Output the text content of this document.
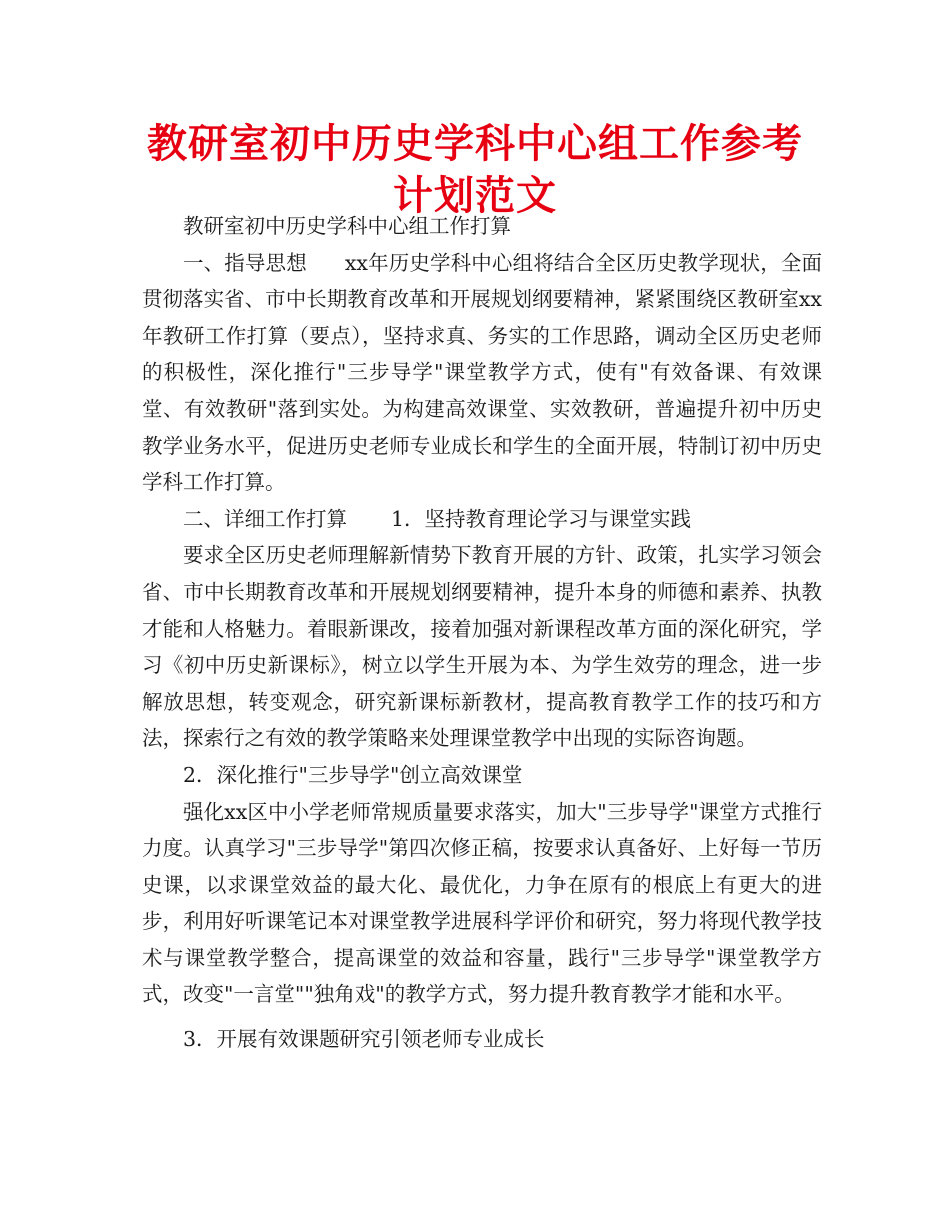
教研室初中历史学科中心组工作参考计划范文

教研室初中历史学科中心组工作打算

一、指导思想 xx年历史学科中心组将结合全区历史教学现状，全面贯彻落实省、市中长期教育改革和开展规划纲要精神，紧紧围绕区教研室xx年教研工作打算（要点），坚持求真、务实的工作思路，调动全区历史老师的积极性，深化推行"三步导学"课堂教学方式，使有"有效备课、有效课堂、有效教研"落到实处。为构建高效课堂、实效教研，普遍提升初中历史教学业务水平，促进历史老师专业成长和学生的全面开展，特制订初中历史学科工作打算。

二、详细工作打算 1．坚持教育理论学习与课堂实践

要求全区历史老师理解新情势下教育开展的方针、政策，扎实学习领会省、市中长期教育改革和开展规划纲要精神，提升本身的师德和素养、执教才能和人格魅力。着眼新课改，接着加强对新课程改革方面的深化研究，学习《初中历史新课标》，树立以学生开展为本、为学生效劳的理念，进一步解放思想，转变观念，研究新课标新教材，提高教育教学工作的技巧和方法，探索行之有效的教学策略来处理课堂教学中出现的实际咨询题。

2．深化推行"三步导学"创立高效课堂

强化xx区中小学老师常规质量要求落实，加大"三步导学"课堂方式推行力度。认真学习"三步导学"第四次修正稿，按要求认真备好、上好每一节历史课，以求课堂效益的最大化、最优化，力争在原有的根底上有更大的进步，利用好听课笔记本对课堂教学进展科学评价和研究，努力将现代教学技术与课堂教学整合，提高课堂的效益和容量，践行"三步导学"课堂教学方式，改变"一言堂""独角戏"的教学方式，努力提升教育教学才能和水平。

3．开展有效课题研究引领老师专业成长
